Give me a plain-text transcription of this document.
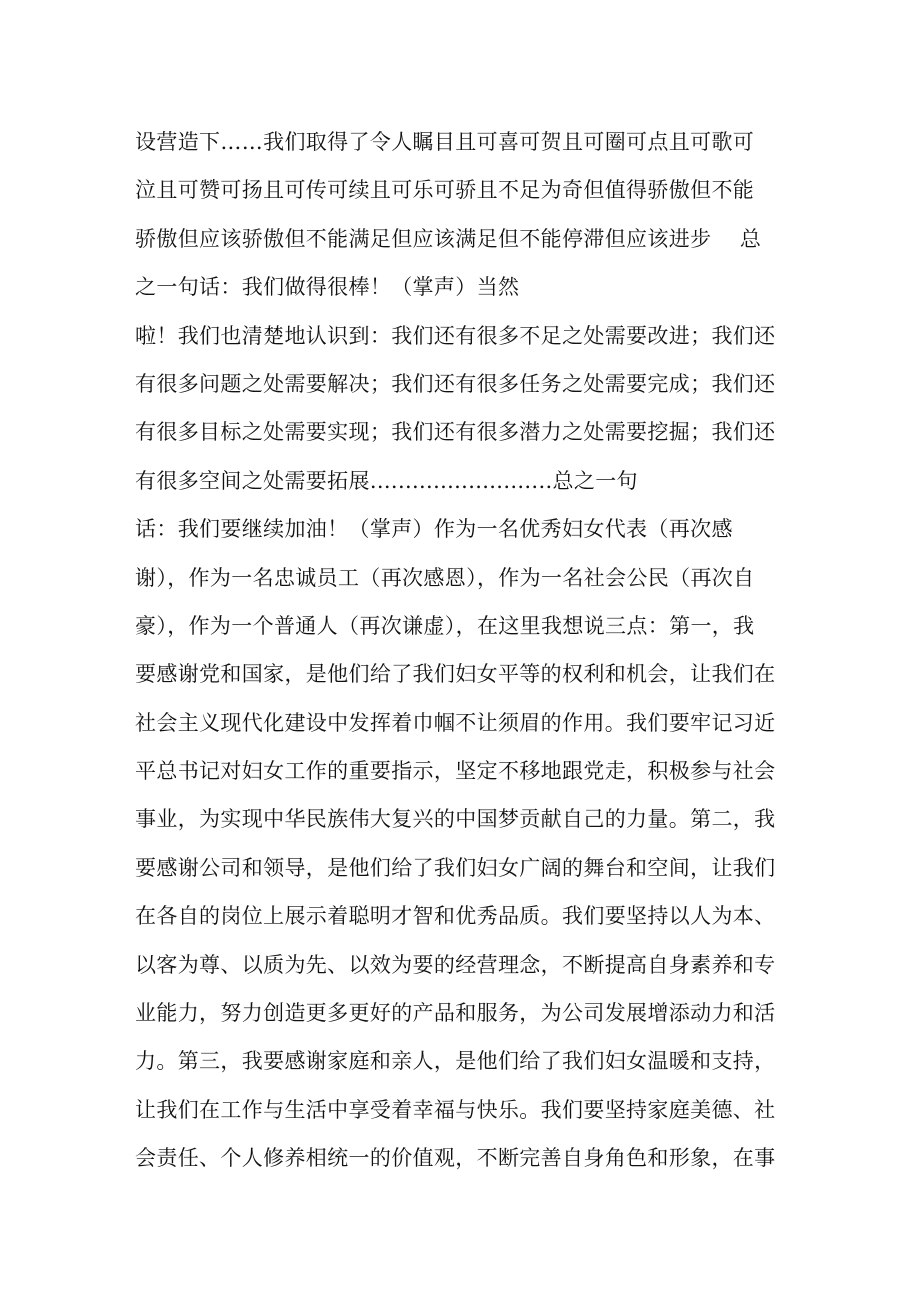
设营造下……我们取得了令人瞩目且可喜可贺且可圈可点且可歌可
泣且可赞可扬且可传可续且可乐可骄且不足为奇但值得骄傲但不能
骄傲但应该骄傲但不能满足但应该满足但不能停滞但应该进步　 总
之一句话：我们做得很棒！（掌声）当然
啦！我们也清楚地认识到：我们还有很多不足之处需要改进；我们还
有很多问题之处需要解决；我们还有很多任务之处需要完成；我们还
有很多目标之处需要实现；我们还有很多潜力之处需要挖掘；我们还
有很多空间之处需要拓展..........................总之一句
话：我们要继续加油！（掌声）作为一名优秀妇女代表（再次感
谢），作为一名忠诚员工（再次感恩），作为一名社会公民（再次自
豪），作为一个普通人（再次谦虚），在这里我想说三点：第一，我
要感谢党和国家，是他们给了我们妇女平等的权利和机会，让我们在
社会主义现代化建设中发挥着巾帼不让须眉的作用。我们要牢记习近
平总书记对妇女工作的重要指示，坚定不移地跟党走，积极参与社会
事业，为实现中华民族伟大复兴的中国梦贡献自己的力量。第二，我
要感谢公司和领导，是他们给了我们妇女广阔的舞台和空间，让我们
在各自的岗位上展示着聪明才智和优秀品质。我们要坚持以人为本、
以客为尊、以质为先、以效为要的经营理念，不断提高自身素养和专
业能力，努力创造更多更好的产品和服务，为公司发展增添动力和活
力。第三，我要感谢家庭和亲人，是他们给了我们妇女温暖和支持，
让我们在工作与生活中享受着幸福与快乐。我们要坚持家庭美德、社
会责任、个人修养相统一的价值观，不断完善自身角色和形象，在事
